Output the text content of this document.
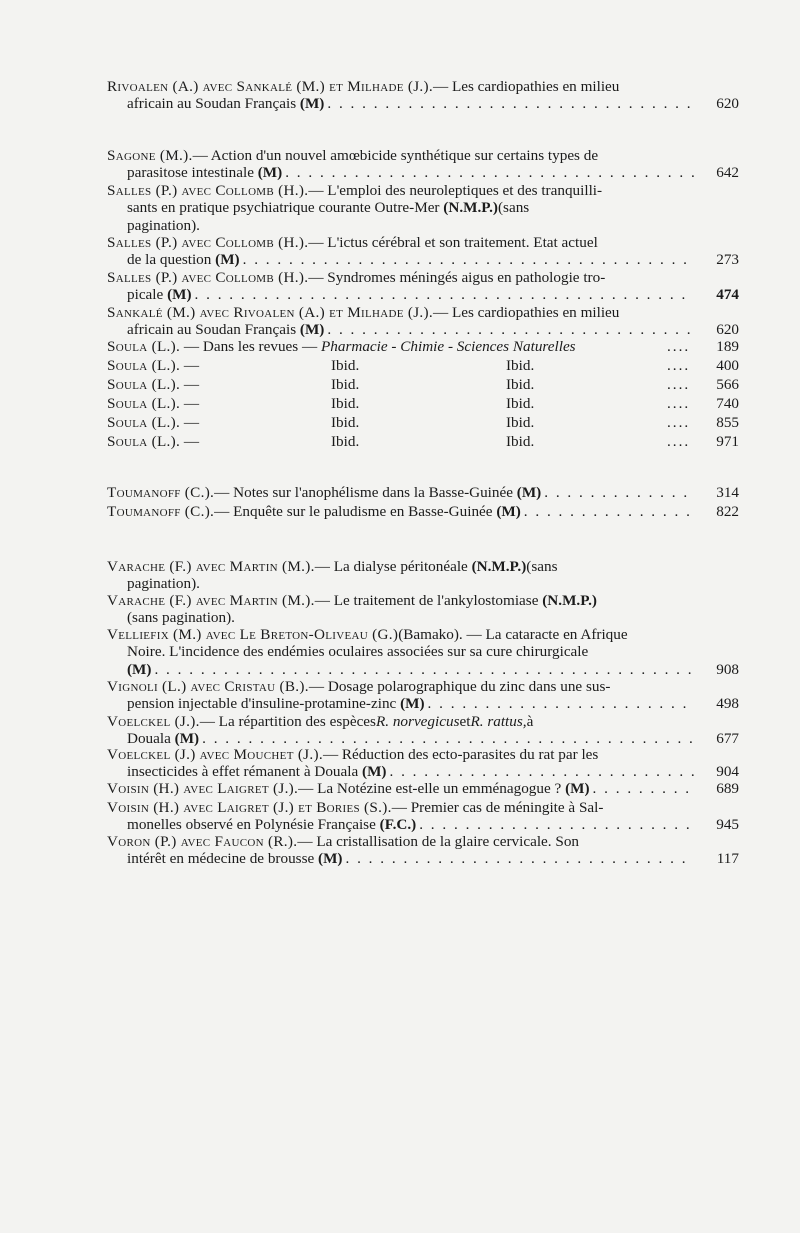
Rivoalen (A.) avec Sankalé (M.) et Milhade (J.). — Les cardiopathies en milieu
africain au Soudan Français
(M) . . .	620
Sagone (M.). — Action d'un nouvel amœbicide synthétique sur certains types de
parasitose intestinale
(M) . . .	642
Salles (P.) avec Collomb (H.). — L'emploi des neuroleptiques et des tranquilli-
sants en pratique psychiatrique courante Outre-Mer
(N.M.P.) (sans
pagination).
Salles (P.) avec Collomb (H.). — L'ictus cérébral et son traitement. Etat actuel
de la question
(M) . . .	273
Salles (P.) avec Collomb (H.). — Syndromes méningés aigus en pathologie tro-
picale
(M) . . .	474
Sankalé (M.) avec Rivoalen (A.) et Milhade (J.). — Les cardiopathies en milieu
africain au Soudan Français
(M) . . .	620
Soula (L.). — Dans les revues — Pharmacie - Chimie - Sciences Naturelles	....	189
Soula (L.). —	Ibid.	Ibid.	....	400
Soula (L.). —	Ibid.	Ibid.	....	566
Soula (L.). —	Ibid.	Ibid.	....	740
Soula (L.). —	Ibid.	Ibid.	....	855
Soula (L.). —	Ibid.	Ibid.	....	971
Toumanoff (C.). — Notes sur l'anophélisme dans la Basse-Guinée
(M) . . .	314
Toumanoff (C.). — Enquête sur le paludisme en Basse-Guinée
(M) . . .	822
Varache (F.) avec Martin (M.). — La dialyse péritonéale
(N.M.P.) (sans
pagination).
Varache (F.) avec Martin (M.). — Le traitement de l'ankylostomiase
(N.M.P.)
(sans pagination).
Velliefix (M.) avec Le Breton-Oliveau (G.) (Bamako). — La cataracte en Afrique
Noire. L'incidence des endémies oculaires associées sur sa cure chirurgicale
(M) . . .	908
Vignoli (L.) avec Cristau (B.). — Dosage polarographique du zinc dans une sus-
pension injectable d'insuline-protamine-zinc
(M) . . .	498
Voelckel (J.). — La répartition des espèces R. norvegicus et R. rattus, à
Douala
(M) . . .	677
Voelckel (J.) avec Mouchet (J.). — Réduction des ecto-parasites du rat par les
insecticides à effet rémanent à Douala
(M) . . .	904
Voisin (H.) avec Laigret (J.). — La Notézine est-elle un emménagogue ?
(M) . . .	689
Voisin (H.) avec Laigret (J.) et Bories (S.). — Premier cas de méningite à Sal-
monelles observé en Polynésie Française
(F.C.) . . .	945
Voron (P.) avec Faucon (R.). — La cristallisation de la glaire cervicale. Son
intérêt en médecine de brousse
(M) . . .	117
